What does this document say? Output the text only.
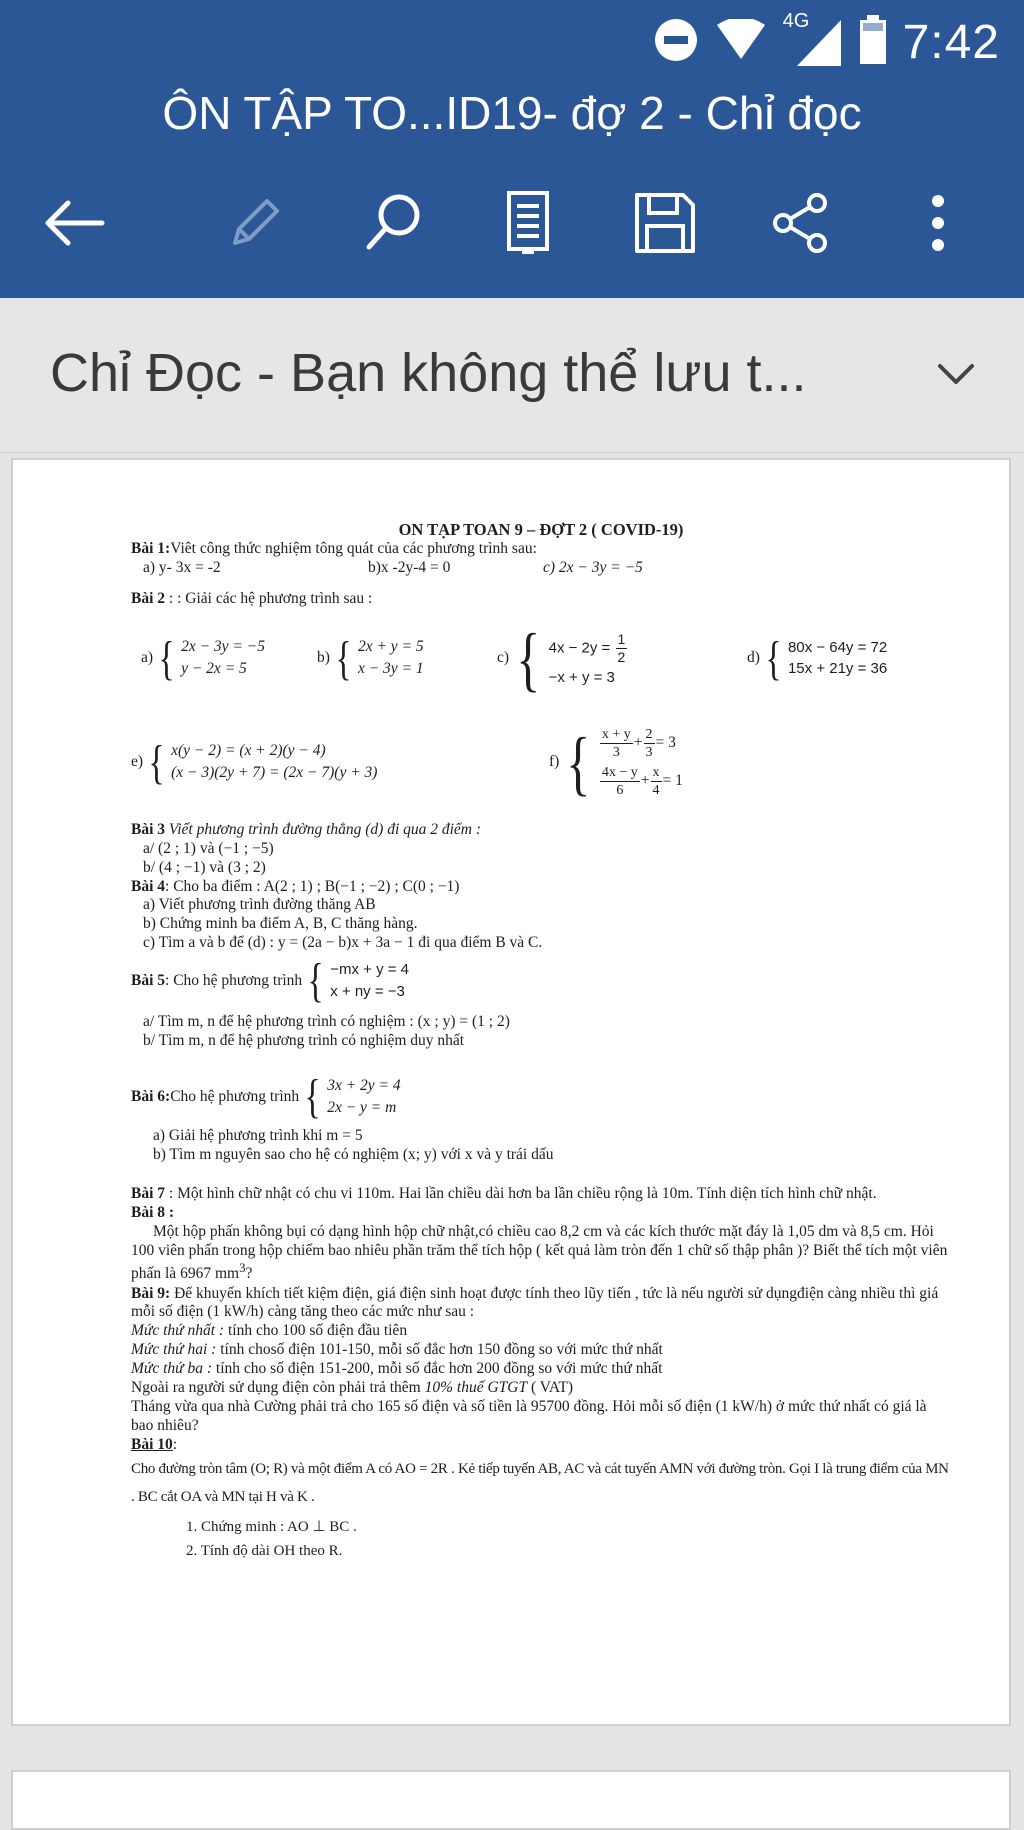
4G 7:42
ÔN TẬP TO...ID19- đợ 2 - Chỉ đọc
Chỉ Đọc - Bạn không thể lưu t...
ON TẠP TOAN 9 – ĐỢT 2 ( COVID-19)
Bài 1:Viêt công thức nghiệm tông quát của các phương trình sau:
a) y- 3x = -2	b)x -2y-4 = 0	c) 2x − 3y = −5
Bài 2 : : Giải các hệ phương trình sau :
a) { 2x − 3y = −5
y − 2x = 5
b) { 2x + y = 5
x − 3y = 1
c) { $4x - 2y = \frac{1}{2}$
−x + y = 3
d) { 80x − 64y = 72
15x + 21y = 36
e) { x(y − 2) = (x + 2)(y − 4)
(x − 3)(2y + 7) = (2x − 7)(y + 3)
f) { $\frac{x + y}{3} + \frac{2}{3} = 3$
$\frac{4x - y}{6} + \frac{x}{4} = 1$
Bài 3 Viết phương trình đường thẳng (d) đi qua 2 điểm :
a/ (2 ; 1) và (−1 ; −5)
b/ (4 ; −1) và (3 ; 2)
Bài 4: Cho ba điểm : A(2 ; 1) ; B(−1 ; −2) ; C(0 ; −1)
a) Viết phương trình đường thăng AB
b) Chứng minh ba điểm A, B, C thăng hàng.
c) Tìm a và b để (d) : y = (2a − b)x + 3a − 1 đi qua điểm B và C.
Bài 5 : Cho hệ phương trình { −mx + y = 4
x + ny = −3
a/ Tìm m, n để hệ phương trình có nghiệm : (x ; y) = (1 ; 2)
b/ Tìm m, n để hệ phương trình có nghiệm duy nhất
Bài 6: Cho hệ phương trình { 3x + 2y = 4
2x − y = m
a) Giải hệ phương trình khi m = 5
b) Tìm m nguyên sao cho hệ có nghiệm (x; y) với x và y trái dấu
Bài 7 : Một hình chữ nhật có chu vi 110m. Hai lần chiều dài hơn ba lần chiều rộng là 10m. Tính diện tích hình chữ nhật.
Bài 8 :
Một hộp phấn không bụi có dạng hình hộp chữ nhật,có chiều cao 8,2 cm và các kích thước mặt đáy là 1,05 dm và 8,5 cm. Hỏi 100 viên phấn trong hộp chiếm bao nhiêu phần trăm thể tích hộp ( kết quả làm tròn đến 1 chữ số thập phân )? Biết thể tích một viên phấn là 6967 $mm^3$?
Bài 9: Để khuyến khích tiết kiệm điện, giá điện sinh hoạt được tính theo lũy tiến , tức là nếu người sử dụngđiện càng nhiều thì giá mỗi số điện (1 kW/h) càng tăng theo các mức như sau :
Mức thứ nhất : tính cho 100 số điện đầu tiên
Mức thứ hai : tính chosố điện 101-150, mỗi số đắc hơn 150 đồng so với mức thứ nhất
Mức thứ ba : tính cho số điện 151-200, mỗi số đắc hơn 200 đồng so với mức thứ nhất
Ngoài ra người sử dụng điện còn phải trả thêm 10% thuế GTGT ( VAT)
Tháng vừa qua nhà Cường phải trả cho 165 số điện và số tiền là 95700 đồng. Hỏi mỗi số điện (1 kW/h) ở mức thứ nhất có giá là bao nhiêu?
Bài 10:
Cho đường tròn tâm (O; R) và một điểm A có AO = 2R . Kẻ tiếp tuyến AB, AC và cát tuyến AMN với đường tròn. Gọi I là trung điểm của MN . BC cắt OA và MN tại H và K .
1. Chứng minh : AO ⊥ BC .
2. Tính độ dài OH theo R.
